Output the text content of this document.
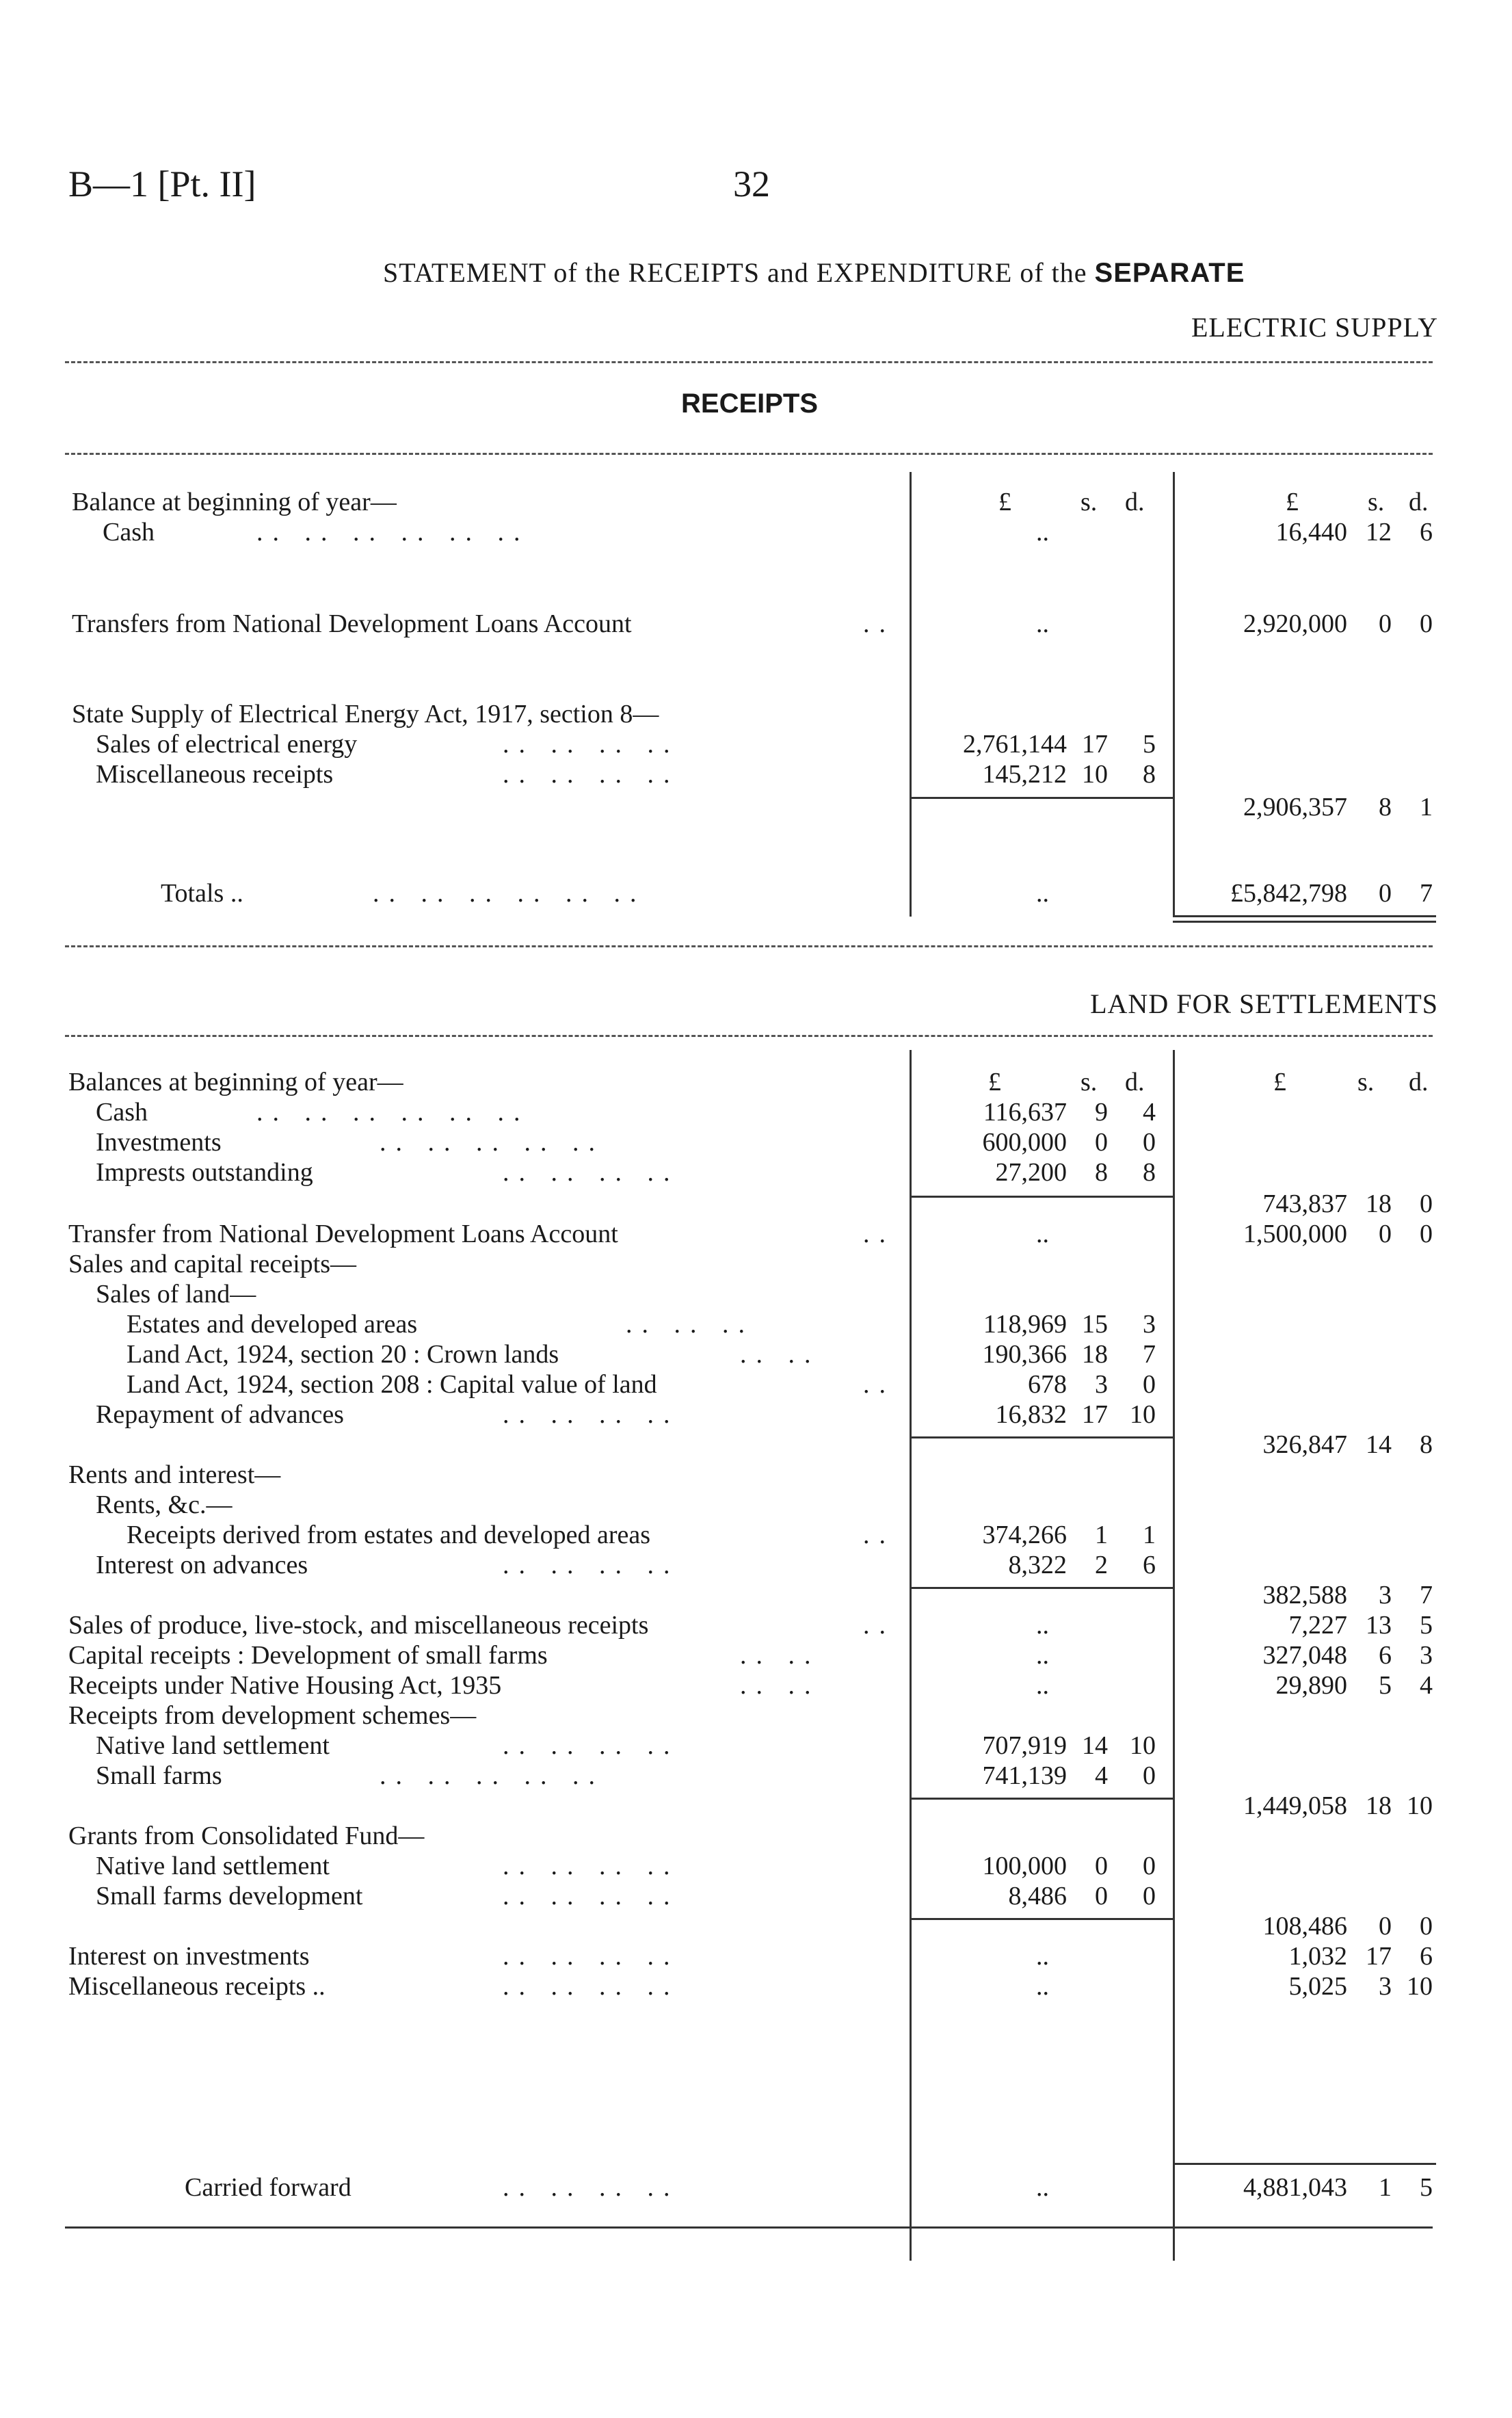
B—1 [Pt. II]	32
STATEMENT of the RECEIPTS and EXPENDITURE of the SEPARATE
ELECTRIC SUPPLY
RECEIPTS
£	s. d.	£	s. d.
Balance at beginning of year—
Cash	.. .. .. .. .. ..	..	16,440 12	6
Transfers from National Development Loans Account	..	..	2,920,000	0	0
State Supply of Electrical Energy Act, 1917, section 8—
Sales of electrical energy	.. .. .. ..	2,761,144 17	5
Miscellaneous receipts	.. .. .. ..	145,212 10	8
2,906,357	8	1
Totals ..	.. .. .. .. .. ..	..	£5,842,798	0	7
LAND FOR SETTLEMENTS
£	s. d.	£	s. d.
Balances at beginning of year—
Cash	.. .. .. .. .. ..	116,637	9	4
Investments	.. .. .. .. ..	600,000	0	0
Imprests outstanding	.. .. .. ..	27,200	8	8
743,837 18	0
Transfer from National Development Loans Account	..	..	1,500,000	0	0
Sales and capital receipts—
Sales of land—
Estates and developed areas	.. .. ..	118,969 15	3
Land Act, 1924, section 20 : Crown lands	.. ..	190,366 18	7
Land Act, 1924, section 208 : Capital value of land	..	678	3	0
Repayment of advances	.. .. .. ..	16,832 17 10
326,847 14	8
Rents and interest—
Rents, &c.—
Receipts derived from estates and developed areas	..	374,266	1	1
Interest on advances	.. .. .. ..	8,322	2	6
382,588	3	7
Sales of produce, live-stock, and miscellaneous receipts	..	..	7,227 13	5
Capital receipts : Development of small farms	.. ..	..	327,048	6	3
Receipts under Native Housing Act, 1935	.. ..	..	29,890	5	4
Receipts from development schemes—
Native land settlement	.. .. .. ..	707,919 14 10
Small farms	.. .. .. .. ..	741,139	4	0
1,449,058 18 10
Grants from Consolidated Fund—
Native land settlement	.. .. .. ..	100,000	0	0
Small farms development	.. .. .. ..	8,486	0	0
108,486	0	0
Interest on investments	.. .. .. ..	..	1,032 17	6
Miscellaneous receipts ..	.. .. .. ..	..	5,025	3 10
Carried forward	.. .. .. ..	..	4,881,043	1	5
